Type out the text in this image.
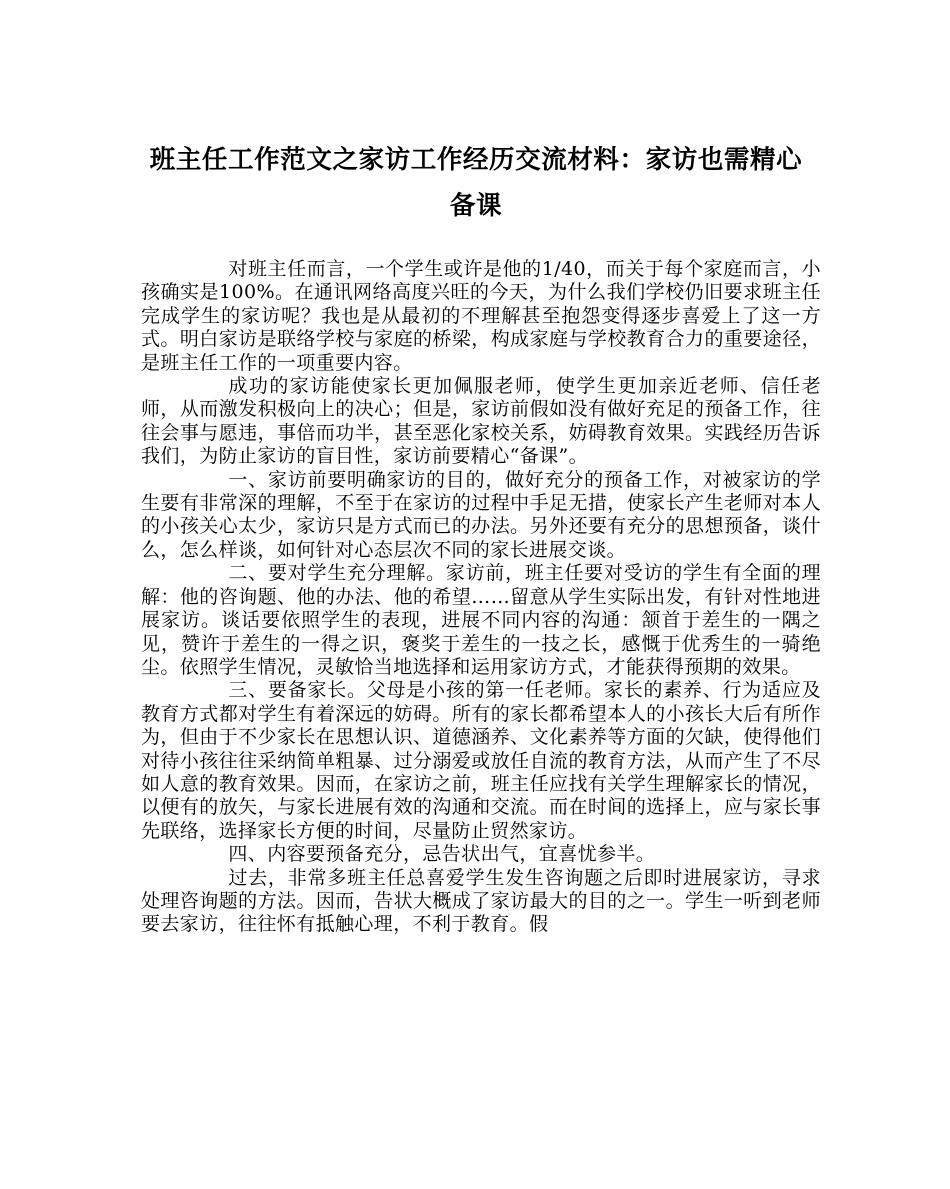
班主任工作范文之家访工作经历交流材料：家访也需精心备课

对班主任而言，一个学生或许是他的1/40，而关于每个家庭而言，小孩确实是100%。在通讯网络高度兴旺的今天，为什么我们学校仍旧要求班主任完成学生的家访呢？我也是从最初的不理解甚至抱怨变得逐步喜爱上了这一方式。明白家访是联络学校与家庭的桥梁，构成家庭与学校教育合力的重要途径，是班主任工作的一项重要内容。

成功的家访能使家长更加佩服老师，使学生更加亲近老师、信任老师，从而激发积极向上的决心；但是，家访前假如没有做好充足的预备工作，往往会事与愿违，事倍而功半，甚至恶化家校关系，妨碍教育效果。实践经历告诉我们，为防止家访的盲目性，家访前要精心“备课”。

一、家访前要明确家访的目的，做好充分的预备工作，对被家访的学生要有非常深的理解，不至于在家访的过程中手足无措，使家长产生老师对本人的小孩关心太少，家访只是方式而已的办法。另外还要有充分的思想预备，谈什么，怎么样谈，如何针对心态层次不同的家长进展交谈。

二、要对学生充分理解。家访前，班主任要对受访的学生有全面的理解：他的咨询题、他的办法、他的希望……留意从学生实际出发，有针对性地进展家访。谈话要依照学生的表现，进展不同内容的沟通：颔首于差生的一隅之见，赞许于差生的一得之识，褒奖于差生的一技之长，感慨于优秀生的一骑绝尘。依照学生情况，灵敏恰当地选择和运用家访方式，才能获得预期的效果。

三、要备家长。父母是小孩的第一任老师。家长的素养、行为适应及教育方式都对学生有着深远的妨碍。所有的家长都希望本人的小孩长大后有所作为，但由于不少家长在思想认识、道德涵养、文化素养等方面的欠缺，使得他们对待小孩往往采纳简单粗暴、过分溺爱或放任自流的教育方法，从而产生了不尽如人意的教育效果。因而，在家访之前，班主任应找有关学生理解家长的情况，以便有的放矢，与家长进展有效的沟通和交流。而在时间的选择上，应与家长事先联络，选择家长方便的时间，尽量防止贸然家访。

四、内容要预备充分，忌告状出气，宜喜忧参半。

过去，非常多班主任总喜爱学生发生咨询题之后即时进展家访，寻求处理咨询题的方法。因而，告状大概成了家访最大的目的之一。学生一听到老师要去家访，往往怀有抵触心理，不利于教育。假
